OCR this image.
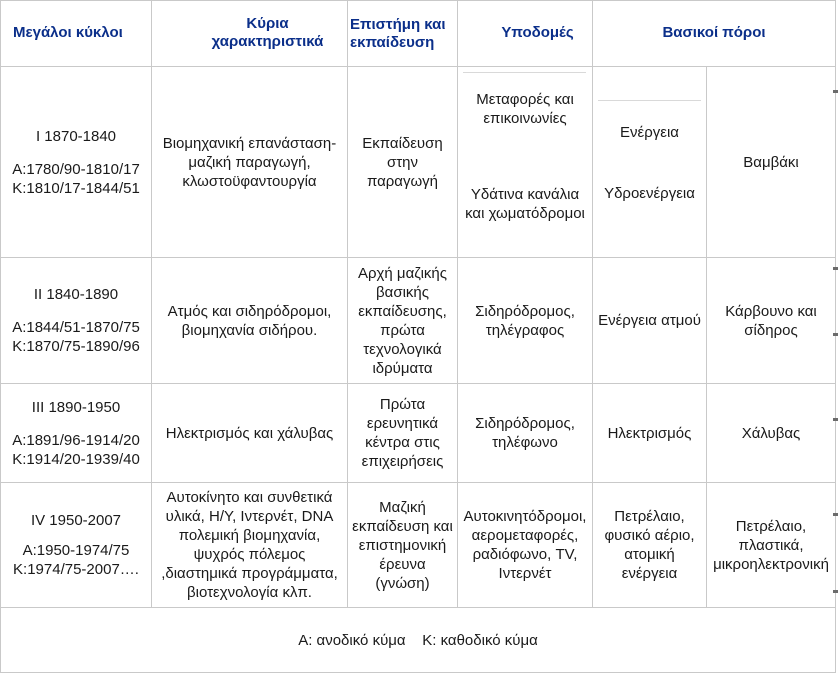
Μεγάλοι κύκλοι
Κύρια χαρακτηριστικά
Επιστήμη και εκπαίδευση
Υποδομές	Βασικοί πόροι
Ι 1870-1840
Α:1780/90-1810/17
Κ:1810/17-1844/51
Βιομηχανική επανάσταση-μαζική παραγωγή, κλωστοϋφαντουργία
Εκπαίδευση στην παραγωγή
Μεταφορές και επικοινωνίες
Υδάτινα κανάλια και χωματόδρομοι
Ενέργεια
Υδροενέργεια
Βαμβάκι
ΙΙ 1840-1890
Α:1844/51-1870/75
Κ:1870/75-1890/96
Ατμός και σιδηρόδρομοι, βιομηχανία σιδήρου.
Αρχή μαζικής βασικής εκπαίδευσης, πρώτα τεχνολογικά ιδρύματα
Σιδηρόδρομος, τηλέγραφος
Ενέργεια ατμού
Κάρβουνο και σίδηρος
ΙΙΙ 1890-1950
Α:1891/96-1914/20
Κ:1914/20-1939/40
Ηλεκτρισμός και χάλυβας
Πρώτα ερευνητικά κέντρα στις επιχειρήσεις
Σιδηρόδρομος, τηλέφωνο
Ηλεκτρισμός	Χάλυβας
ΙV 1950-2007
Α:1950-1974/75
Κ:1974/75-2007….
Αυτοκίνητο και συνθετικά υλικά, Η/Υ, Ιντερνέτ, DNA πολεμική βιομηχανία, ψυχρός πόλεμος ,διαστημικά προγράμματα, βιοτεχνολογία κλπ.
Μαζική εκπαίδευση και επιστημονική έρευνα (γνώση)
Αυτοκινητόδρομοι, αερομεταφορές, ραδιόφωνο, TV, Ιντερνέτ
Πετρέλαιο, φυσικό αέριο, ατομική ενέργεια
Πετρέλαιο, πλαστικά, μικροηλεκτρονική
Α: ανοδικό κύμα    Κ: καθοδικό κύμα
